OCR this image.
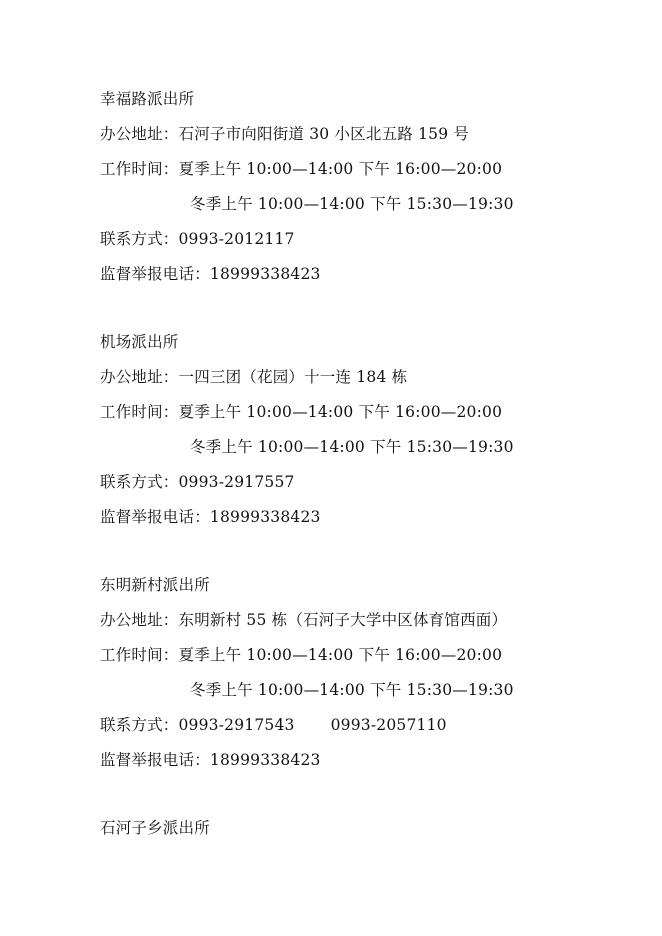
幸福路派出所
办公地址：石河子市向阳街道 30 小区北五路 159 号
工作时间：夏季上午 10:00—14:00 下午 16:00—20:00
冬季上午 10:00—14:00 下午 15:30—19:30
联系方式：0993-2012117
监督举报电话：18999338423
机场派出所
办公地址：一四三团（花园）十一连 184 栋
工作时间：夏季上午 10:00—14:00 下午 16:00—20:00
冬季上午 10:00—14:00 下午 15:30—19:30
联系方式：0993-2917557
监督举报电话：18999338423
东明新村派出所
办公地址：东明新村 55 栋（石河子大学中区体育馆西面）
工作时间：夏季上午 10:00—14:00 下午 16:00—20:00
冬季上午 10:00—14:00 下午 15:30—19:30
联系方式：0993-2917543 0993-2057110
监督举报电话：18999338423
石河子乡派出所
